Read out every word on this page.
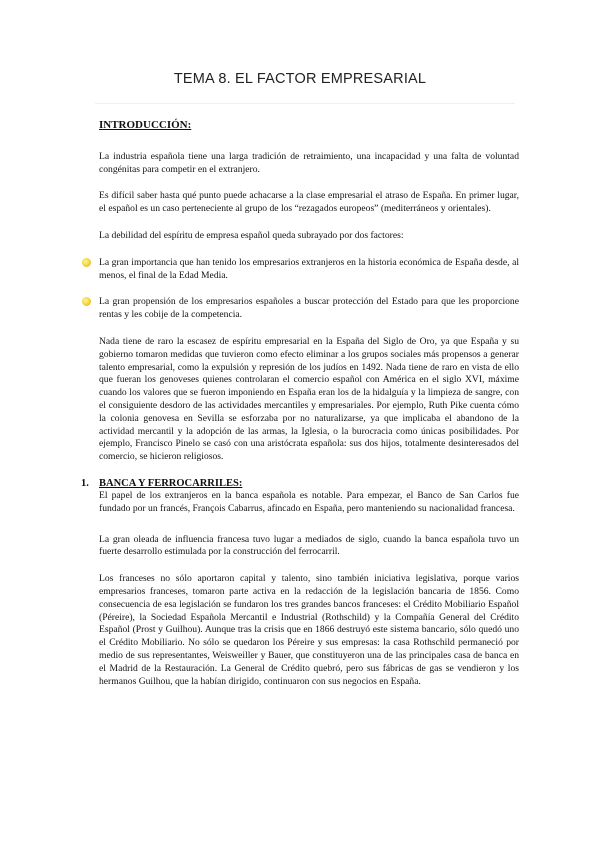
TEMA 8. EL FACTOR EMPRESARIAL

INTRODUCCIÓN:

La industria española tiene una larga tradición de retraimiento, una incapacidad y una falta de voluntad congénitas para competir en el extranjero.

Es difícil saber hasta qué punto puede achacarse a la clase empresarial el atraso de España. En primer lugar, el español es un caso perteneciente al grupo de los “rezagados europeos” (mediterráneos y orientales).

La debilidad del espíritu de empresa español queda subrayado por dos factores:

La gran importancia que han tenido los empresarios extranjeros en la historia económica de España desde, al menos, el final de la Edad Media.

La gran propensión de los empresarios españoles a buscar protección del Estado para que les proporcione rentas y les cobije de la competencia.

Nada tiene de raro la escasez de espíritu empresarial en la España del Siglo de Oro, ya que España y su gobierno tomaron medidas que tuvieron como efecto eliminar a los grupos sociales más propensos a generar talento empresarial, como la expulsión y represión de los judíos en 1492. Nada tiene de raro en vista de ello que fueran los genoveses quienes controlaran el comercio español con América en el siglo XVI, máxime cuando los valores que se fueron imponiendo en España eran los de la hidalguía y la limpieza de sangre, con el consiguiente desdoro de las actividades mercantiles y empresariales. Por ejemplo, Ruth Pike cuenta cómo la colonia genovesa en Sevilla se esforzaba por no naturalizarse, ya que implicaba el abandono de la actividad mercantil y la adopción de las armas, la Iglesia, o la burocracia como únicas posibilidades. Por ejemplo, Francisco Pinelo se casó con una aristócrata española: sus dos hijos, totalmente desinteresados del comercio, se hicieron religiosos.

1. BANCA Y FERROCARRILES:

El papel de los extranjeros en la banca española es notable. Para empezar, el Banco de San Carlos fue fundado por un francés, François Cabarrus, afincado en España, pero manteniendo su nacionalidad francesa.

La gran oleada de influencia francesa tuvo lugar a mediados de siglo, cuando la banca española tuvo un fuerte desarrollo estimulada por la construcción del ferrocarril.

Los franceses no sólo aportaron capital y talento, sino también iniciativa legislativa, porque varios empresarios franceses, tomaron parte activa en la redacción de la legislación bancaria de 1856. Como consecuencia de esa legislación se fundaron los tres grandes bancos franceses: el Crédito Mobiliario Español (Péreire), la Sociedad Española Mercantil e Industrial (Rothschild) y la Compañía General del Crédito Español (Prost y Guilhou). Aunque tras la crisis que en 1866 destruyó este sistema bancario, sólo quedó uno el Crédito Mobiliario. No sólo se quedaron los Péreire y sus empresas: la casa Rothschild permaneció por medio de sus representantes, Weisweiller y Bauer, que constituyeron una de las principales casa de banca en el Madrid de la Restauración. La General de Crédito quebró, pero sus fábricas de gas se vendieron y los hermanos Guilhou, que la habían dirigido, continuaron con sus negocios en España.
